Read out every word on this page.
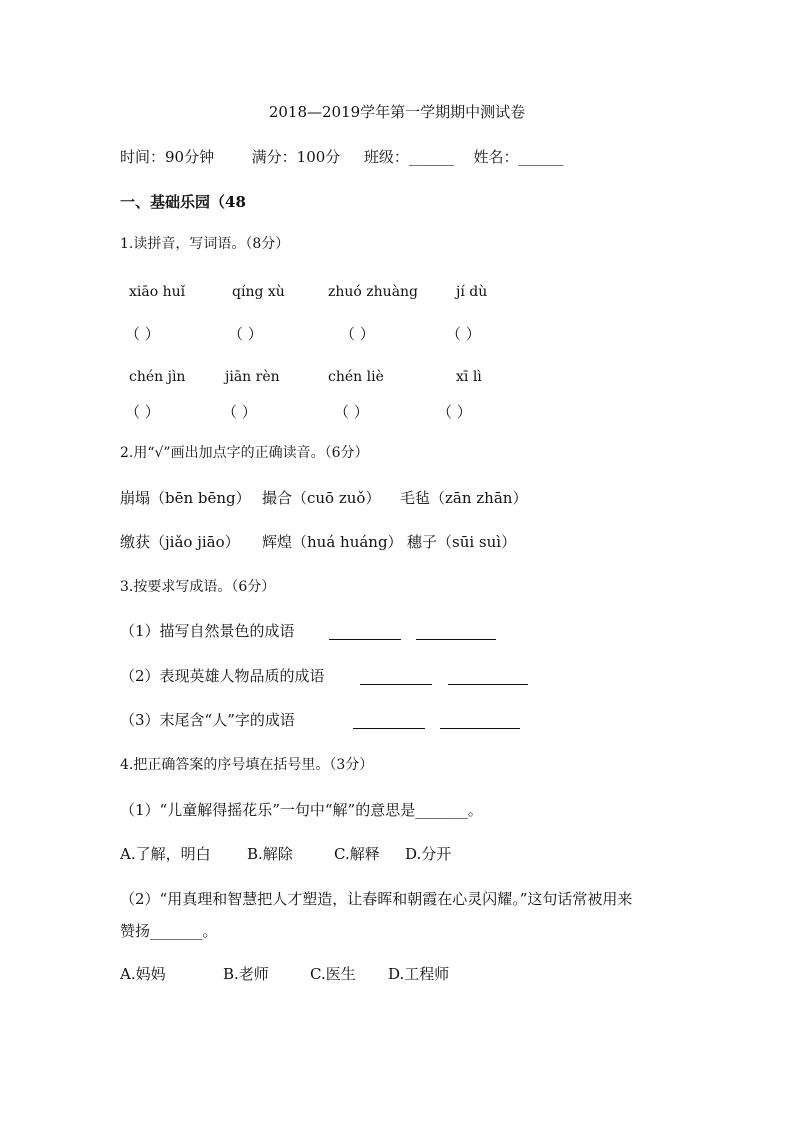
2018—2019学年第一学期期中测试卷
时间：90分钟	满分：100分 班级：______ 姓名：______
一、基础乐园（48
1.读拼音，写词语。（8分）
xiāo huǐ	qíng xù	zhuó zhuàng	jí dù
（ ）	（ ）	（ ）	（ ）
chén jìn	jiān rèn	chén liè	xī lì
（ ）	（ ）	（ ）	（ ）
2.用“√”画出加点字的正确读音。（6分）
崩塌（bēn bēng） 撮合（cuō zuǒ） 毛毡（zān zhān）
缴获（jiǎo jiāo） 辉煌（huá huáng） 穗子（sūi suì）
3.按要求写成语。（6分）
（1）描写自然景色的成语
（2）表现英雄人物品质的成语
（3）末尾含“人”字的成语
4.把正确答案的序号填在括号里。（3分）
（1）“儿童解得摇花乐”一句中“解”的意思是_______。
A.了解，明白 B.解除	C.解释 D.分开
（2）“用真理和智慧把人才塑造，让春晖和朝霞在心灵闪耀。”这句话常被用来
赞扬_______。
A.妈妈	B.老师	C.医生 D.工程师
